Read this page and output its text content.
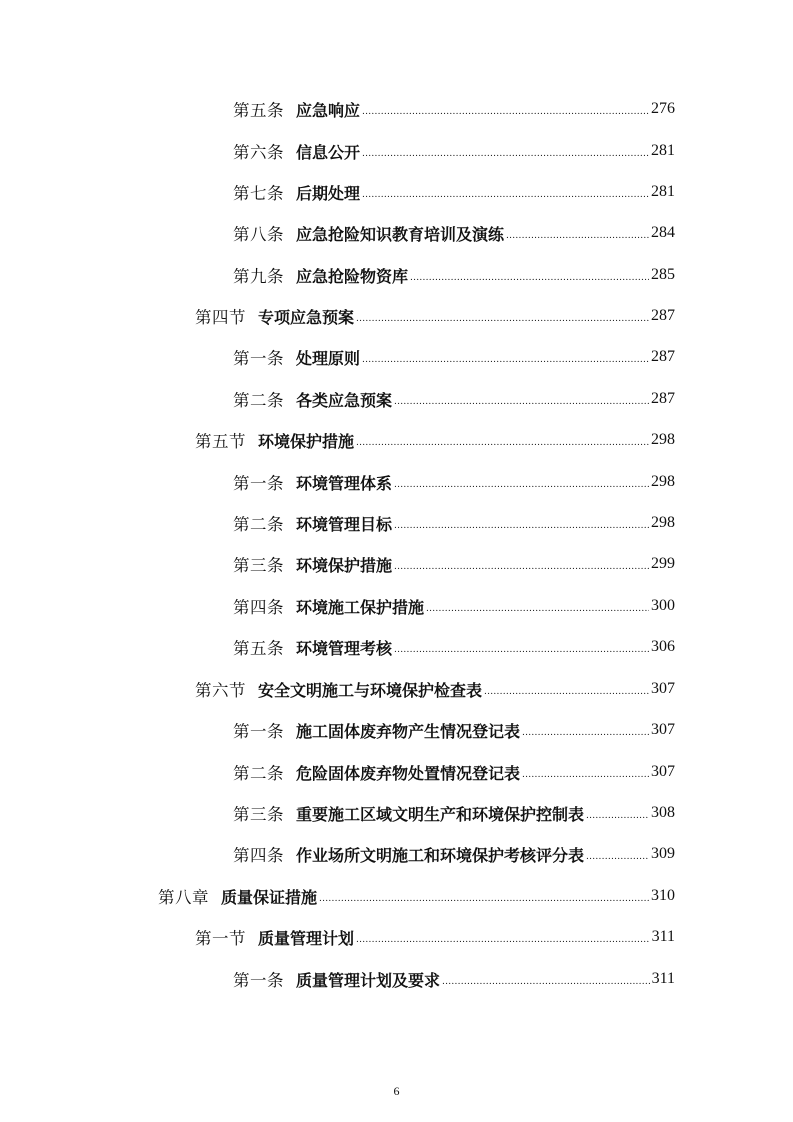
第五条 应急响应 . . .	276
第六条 信息公开 . . .	281
第七条 后期处理 . . .	281
第八条 应急抢险知识教育培训及演练 . . .	284
第九条 应急抢险物资库 . . .	285
第四节 专项应急预案 . . .	287
第一条 处理原则 . . .	287
第二条 各类应急预案 . . .	287
第五节 环境保护措施 . . .	298
第一条 环境管理体系 . . .	298
第二条 环境管理目标 . . .	298
第三条 环境保护措施 . . .	299
第四条 环境施工保护措施 . . .	300
第五条 环境管理考核 . . .	306
第六节 安全文明施工与环境保护检查表 . . .	307
第一条 施工固体废弃物产生情况登记表 . . .	307
第二条 危险固体废弃物处置情况登记表 . . .	307
第三条 重要施工区域文明生产和环境保护控制表 . . .	308
第四条 作业场所文明施工和环境保护考核评分表 . . .	309
第八章 质量保证措施 . . .	310
第一节 质量管理计划 . . .	311
第一条 质量管理计划及要求 . . .	311
6
